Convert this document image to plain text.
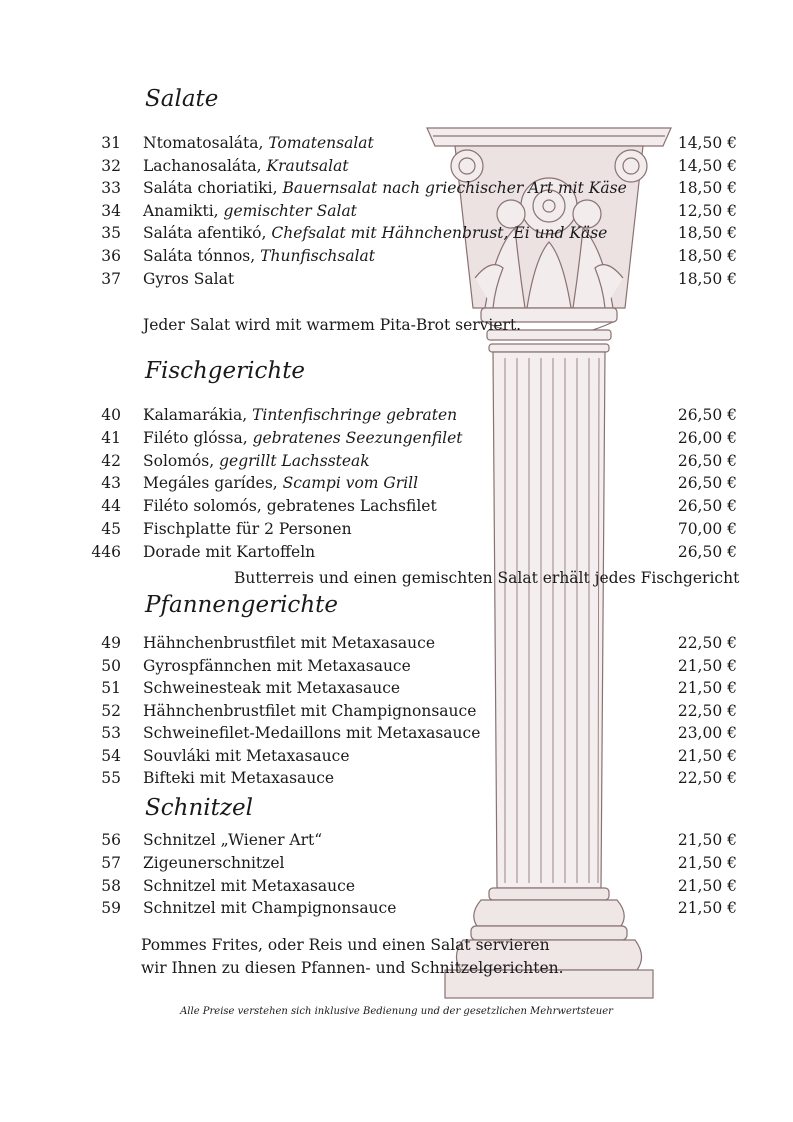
Salate
31 Ntomatosaláta, Tomatensalat	14,50 €
32 Lachanosaláta, Krautsalat	14,50 €
33 Saláta choriatiki, Bauernsalat nach griechischer Art mit Käse	18,50 €
34 Anamikti, gemischter Salat	12,50 €
35 Saláta afentikó, Chefsalat mit Hähnchenbrust, Ei und Käse	18,50 €
36 Saláta tónnos, Thunfischsalat	18,50 €
37 Gyros Salat	18,50 €
Jeder Salat wird mit warmem Pita-Brot serviert.
Fischgerichte
40 Kalamarákia, Tintenfischringe gebraten	26,50 €
41 Filéto glóssa, gebratenes Seezungenfilet	26,00 €
42 Solomós, gegrillt Lachssteak	26,50 €
43 Megáles garídes, Scampi vom Grill	26,50 €
44 Filéto solomós, gebratenes Lachsfilet	26,50 €
45 Fischplatte für 2 Personen	70,00 €
446 Dorade mit Kartoffeln	26,50 €
Butterreis und einen gemischten Salat erhält jedes Fischgericht
Pfannengerichte
49 Hähnchenbrustfilet mit Metaxasauce	22,50 €
50 Gyrospfännchen mit Metaxasauce	21,50 €
51 Schweinesteak mit Metaxasauce	21,50 €
52 Hähnchenbrustfilet mit Champignonsauce	22,50 €
53 Schweinefilet-Medaillons mit Metaxasauce	23,00 €
54 Souvláki mit Metaxasauce	21,50 €
55 Bifteki mit Metaxasauce	22,50 €
Schnitzel
56 Schnitzel „Wiener Art“	21,50 €
57 Zigeunerschnitzel	21,50 €
58 Schnitzel mit Metaxasauce	21,50 €
59 Schnitzel mit Champignonsauce	21,50 €
Pommes Frites, oder Reis und einen Salat servieren
wir Ihnen zu diesen Pfannen- und Schnitzelgerichten.
Alle Preise verstehen sich inklusive Bedienung und der gesetzlichen Mehrwertsteuer
